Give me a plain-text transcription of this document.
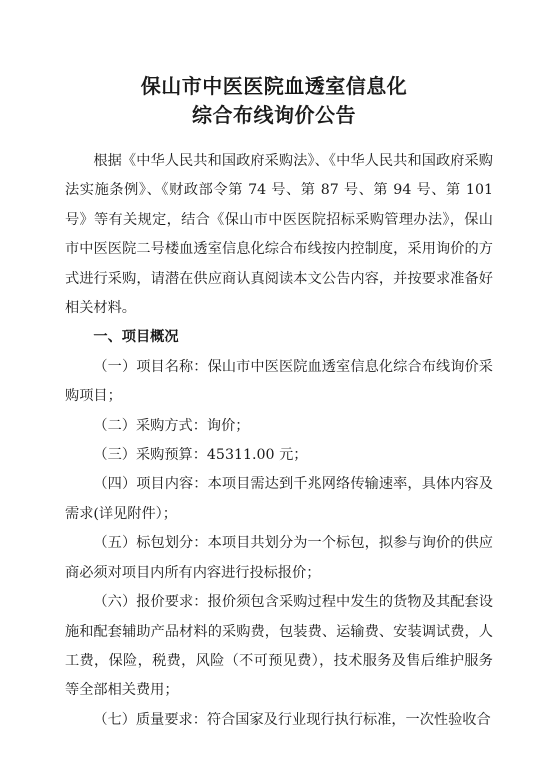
保山市中医医院血透室信息化
综合布线询价公告

根据《中华人民共和国政府采购法》、《中华人民共和国政府采购法实施条例》、《财政部令第 74 号、第 87 号、第 94 号、第 101 号》等有关规定，结合《保山市中医医院招标采购管理办法》，保山市中医医院二号楼血透室信息化综合布线按内控制度，采用询价的方式进行采购，请潜在供应商认真阅读本文公告内容，并按要求准备好相关材料。

一、项目概况

（一）项目名称：保山市中医医院血透室信息化综合布线询价采购项目；

（二）采购方式：询价；

（三）采购预算：45311.00 元；

（四）项目内容：本项目需达到千兆网络传输速率，具体内容及需求(详见附件）；

（五）标包划分：本项目共划分为一个标包，拟参与询价的供应商必须对项目内所有内容进行投标报价；

（六）报价要求：报价须包含采购过程中发生的货物及其配套设施和配套辅助产品材料的采购费，包装费、运输费、安装调试费，人工费，保险，税费，风险（不可预见费），技术服务及售后维护服务等全部相关费用；

（七）质量要求：符合国家及行业现行执行标准，一次性验收合
